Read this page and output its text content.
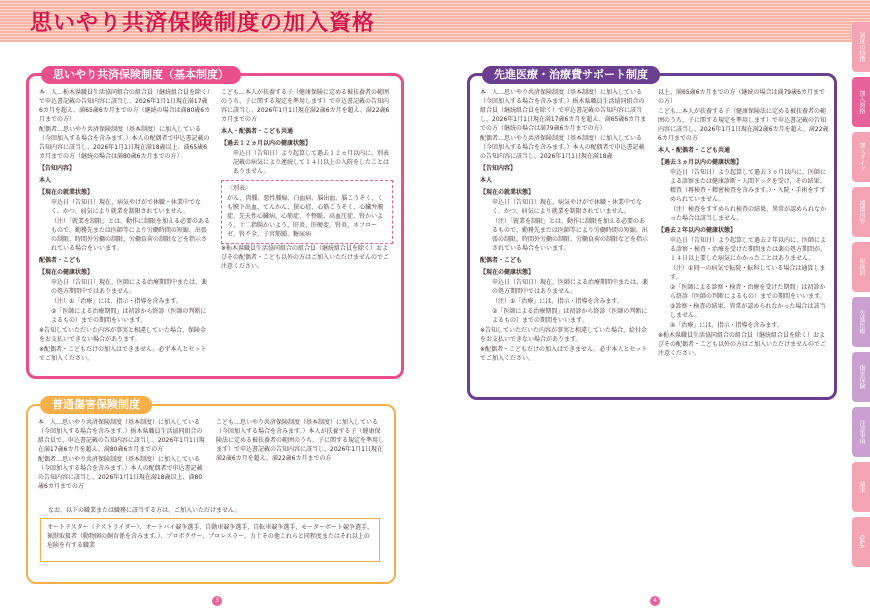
思いやり共済保険制度の加入資格
思いやり共済保険制度（基本制度）

本　人…栃木県職員生活協同組合の組合員（継続組合員を除く）で申込書記載の告知内容に該当し、2026年1月1日現在満17歳6カ月を超え、満65歳6カ月までの方（継続の場合は満80歳6カ月までの方）

配偶者…思いやり共済保険制度（基本制度）に加入している（今回加入する場合を含みます。）本人の配偶者で申込書記載の告知内容に該当し、2026年1月1日現在満18歳以上、満65歳6カ月までの方（継続の場合は満80歳6カ月までの方）

【告知内容】

本人

【現在の就業状態】

申込日（告知日）現在、病気やけがで休職・休業中でなく、かつ、病気により就業を制限されていません。

（注）「就業を制限」とは、動作に制限を加える必要のあるもので、勤務先または医師等により労働時間の短縮、出張の制限、時間外労働の制限、労働負荷の制限などを指示されている場合をいいます。

配偶者・こども

【現在の健康状態】

申込日（告知日）現在、医師による治療期間中または、薬の処方期間中ではありません。

（注）①「治療」には、指示・指導を含みます。

②「医師による治療期間」は初診から終診（医師の判断によるもの）までの期間をいいます。

※告知していただいた内容が事実と相違していた場合、保険金をお支払いできない場合があります。

※配偶者・こどもだけの加入はできません。必ず本人とセットでご加入ください。

こども…本人が扶養する子（健康保険に定める被扶養者の範囲のうち、子に関する規定を準用します）で申込書記載の告知内容に該当し、2026年1月1日現在満2歳6カ月を超え、満22歳6カ月までの方

本人・配偶者・こども共通

【過去１２ヵ月以内の健康状態】

申込日（告知日）より起算して過去１２ヵ月以内に、別表記載の病気により連続して１４日以上の入院をしたことはありません。

〈別表〉

がん、肉腫、悪性腫瘍、白血病、脳出血、脳こうそく、くも膜下出血、てんかん、狭心症、心筋こうそく、心臓弁膜症、先天性心臓病、心筋症、不整脈、高血圧症、腎かいよう、十二指腸かいよう、肝炎、肝硬変、腎炎、ネフローゼ、腎不全、子宮筋腫、糖尿病

※栃木県職員生活協同組合の組合員（継続組合員を除く）およびその配偶者・こども以外の方はご加入いただけませんのでご注意ください。

普通傷害保険制度

本　人…思いやり共済保険制度（基本制度）に加入している（今回加入する場合を含みます。）栃木県職員生活協同組合の組合員で、申込書記載の告知内容に該当し、2026年1月1日現在満17歳6カ月を超え、満80歳6カ月までの方

配偶者…思いやり共済保険制度（基本制度）に加入している（今回加入する場合を含みます。）本人の配偶者で申込書記載の告知内容に該当し、2026年1月1日現在満18歳以上、満80歳6カ月までの方

こども…思いやり共済保険制度（基本制度）に加入している（今回加入する場合を含みます。）本人が扶養する子（健康保険法に定める被扶養者の範囲のうち、子に関する規定を準用します）で申込書記載の告知内容に該当し、2026年1月1日現在満2歳6カ月を超え、満22歳6カ月までの方

なお、以下の職業または職務に該当する方は、ご加入いただけません。
オートテスター（テストライダー）、オートバイ競争選手、自動車競争選手、自転車競争選手、モーターボート競争選手、猟獣取扱者（動物園の飼育係を含みます。）、プロボクサー、プロレスラー、力士その他これらと同程度またはそれ以上の危険を有する職業
先進医療・治療費サポート制度

本　人…思いやり共済保険制度（基本制度）に加入している（今回加入する場合を含みます。）栃木県職員生活協同組合の組合員（継続組合員を除く）で申込書記載の告知内容に該当し、2026年1月1日現在満17歳6カ月を超え、満65歳6カ月までの方（継続の場合は満79歳6カ月までの方）

配偶者…思いやり共済保険制度（基本制度）に加入している（今回加入する場合を含みます。）本人の配偶者で申込書記載の告知内容に該当し、2026年1月1日現在満18歳

【告知内容】

本人

【現在の就業状態】

申込日（告知日）現在、病気やけがで休職・休業中でなく、かつ、病気により就業を制限されていません。

（注）「就業を制限」とは、動作に制限を加える必要のあるもので、勤務先または医師等により労働時間の短縮、出張の制限、時間外労働の制限、労働負荷の制限などを指示されている場合をいいます。

配偶者・こども

【現在の健康状態】

申込日（告知日）現在、医師による治療期間中または、薬の処方期間中ではありません。

（注）①「治療」には、指示・指導を含みます。

②「医師による治療期間」は初診から終診（医師の判断によるもの）までの期間をいいます。

※告知していただいた内容が事実と相違していた場合、給付金をお支払いできない場合があります。

※配偶者・こどもだけの加入はできません。必ず本人とセットでご加入ください。

以上、満65歳6カ月までの方（継続の場合は満79歳6カ月までの方）

こども…本人が扶養する子（健康保険法に定める被扶養者の範囲のうち、子に関する規定を準用します）で申込書記載の告知内容に該当し、2026年1月1日現在満2歳6カ月を超え、満22歳6カ月までの方

本人・配偶者・こども共通

【過去３ヵ月以内の健康状態】

申込日（告知日）より起算して過去３ヵ月以内に、医師による診察または健康診断・人間ドックを受け、その結果、精査（再検査・精密検査を含みます。）・入院・手術をすすめられていません。

（注）検査をすすめられ検査の結果、異常が認められなかった場合は該当しません。

【過去２年以内の健康状態】

申込日（告知日）より起算して過去２年以内に、医師による診察・検査・治療を受けた期間または薬の処方期間が、１４日以上要した病気にかかったことはありません。

（注）①同一の病気で転院・転科している場合は通算します。

②「医師による診察・検査・治療を受けた期間」は初診から終診（医師の判断によるもの）までの期間をいいます。

③診察・検査の結果、異常が認められなかった場合は該当しません。

④「治療」には、指示・指導を含みます。

※栃木県職員生活協同組合の組合員（継続組合員を除く）およびその配偶者・こども以外の方はご加入いただけませんのでご注意ください。

3	4
制度の特徴
加入資格
加入タイプ
補償内容
保険料
先進医療
傷害保険
注意事項
請求
Q&A
